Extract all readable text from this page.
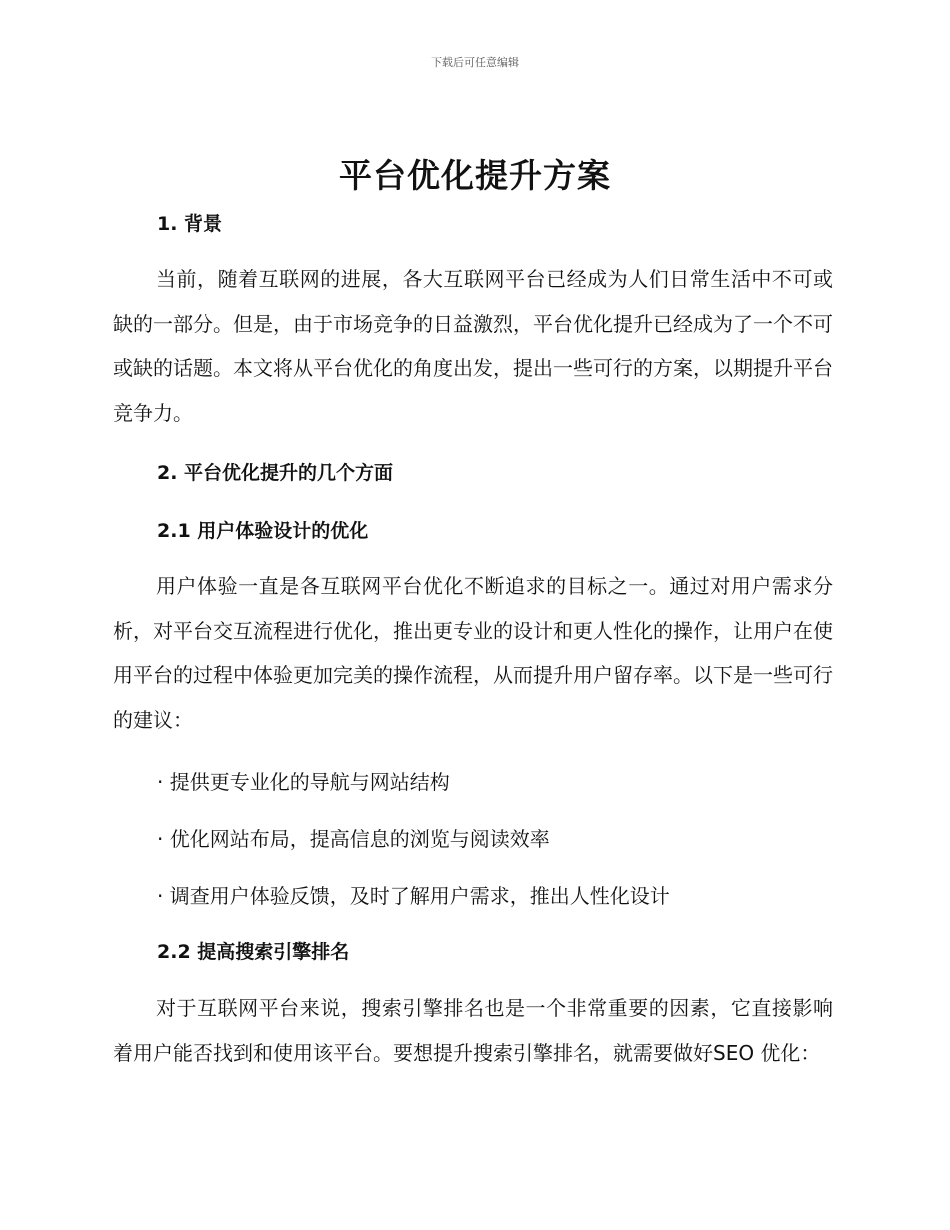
下载后可任意编辑
平台优化提升方案
1. 背景

当前，随着互联网的进展，各大互联网平台已经成为人们日常生活中不可或缺的一部分。但是，由于市场竞争的日益激烈，平台优化提升已经成为了一个不可或缺的话题。本文将从平台优化的角度出发，提出一些可行的方案，以期提升平台竞争力。

2. 平台优化提升的几个方面
2.1 用户体验设计的优化

用户体验一直是各互联网平台优化不断追求的目标之一。通过对用户需求分析，对平台交互流程进行优化，推出更专业的设计和更人性化的操作，让用户在使用平台的过程中体验更加完美的操作流程，从而提升用户留存率。以下是一些可行的建议：

· 提供更专业化的导航与网站结构

· 优化网站布局，提高信息的浏览与阅读效率

· 调查用户体验反馈，及时了解用户需求，推出人性化设计

2.2 提高搜索引擎排名

对于互联网平台来说，搜索引擎排名也是一个非常重要的因素，它直接影响着用户能否找到和使用该平台。要想提升搜索引擎排名，就需要做好SEO 优化：
